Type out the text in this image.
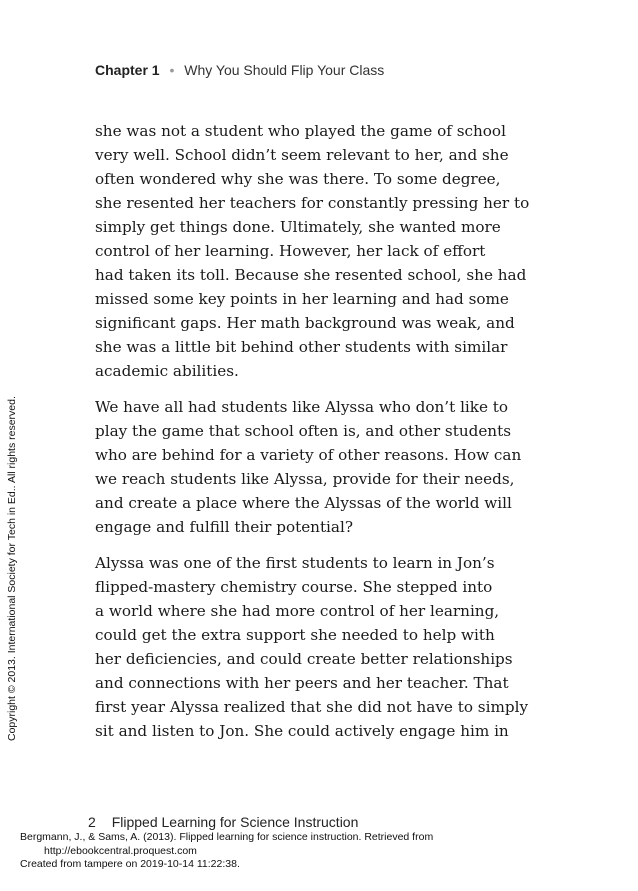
Chapter 1 • Why You Should Flip Your Class

she was not a student who played the game of school
very well. School didn’t seem relevant to her, and she
often wondered why she was there. To some degree,
she resented her teachers for constantly pressing her to
simply get things done. Ultimately, she wanted more
control of her learning. However, her lack of effort
had taken its toll. Because she resented school, she had
missed some key points in her learning and had some
significant gaps. Her math background was weak, and
she was a little bit behind other students with similar
academic abilities.

We have all had students like Alyssa who don’t like to
play the game that school often is, and other students
who are behind for a variety of other reasons. How can
we reach students like Alyssa, provide for their needs,
and create a place where the Alyssas of the world will
engage and fulfill their potential?

Alyssa was one of the first students to learn in Jon’s
flipped-mastery chemistry course. She stepped into
a world where she had more control of her learning,
could get the extra support she needed to help with
her deficiencies, and could create better relationships
and connections with her peers and her teacher. That
first year Alyssa realized that she did not have to simply
sit and listen to Jon. She could actively engage him in

Copyright © 2013. International Society for Tech in Ed.. All rights reserved.
2 Flipped Learning for Science Instruction
Bergmann, J., & Sams, A. (2013). Flipped learning for science instruction. Retrieved from
http://ebookcentral.proquest.com
Created from tampere on 2019-10-14 11:22:38.
